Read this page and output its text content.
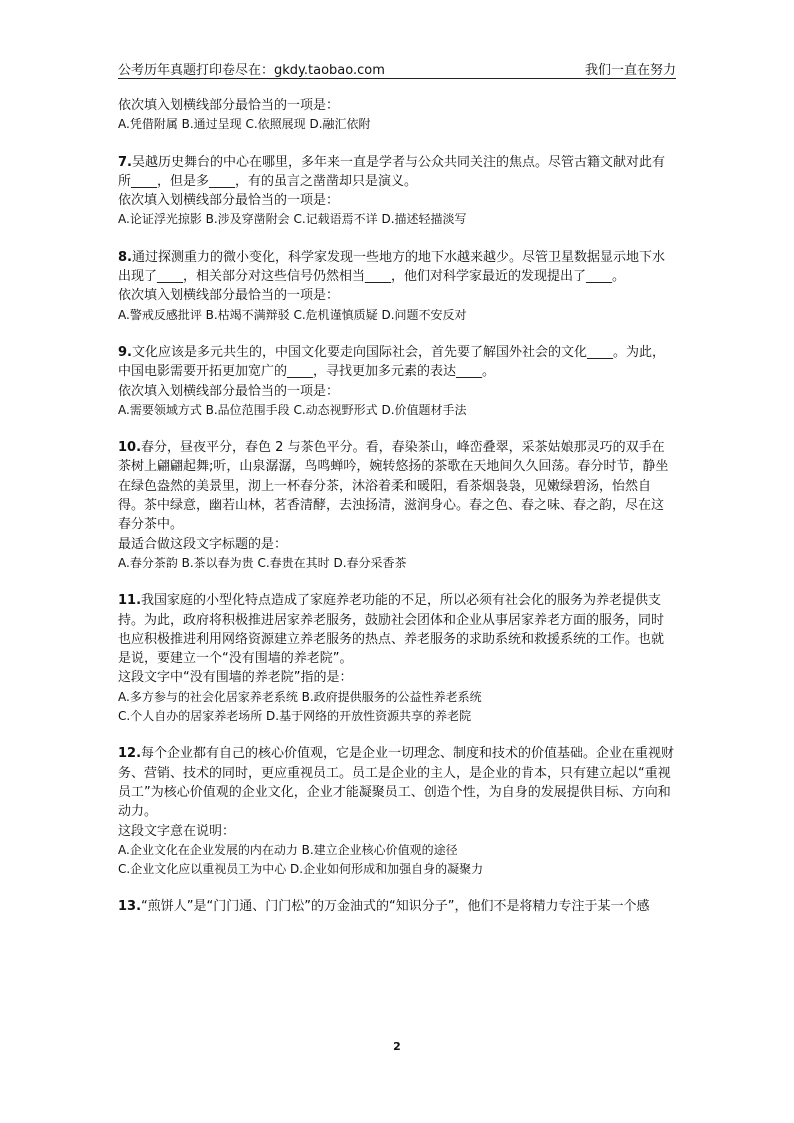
公考历年真题打印卷尽在：gkdy.taobao.com	我们一直在努力

依次填入划横线部分最恰当的一项是：

A.凭借附属 B.通过呈现 C.依照展现 D.融汇依附

7.吴越历史舞台的中心在哪里，多年来一直是学者与公众共同关注的焦点。尽管古籍文献对此有所____，但是多____，有的虽言之凿凿却只是演义。

依次填入划横线部分最恰当的一项是：

A.论证浮光掠影 B.涉及穿凿附会 C.记载语焉不详 D.描述轻描淡写

8.通过探测重力的微小变化，科学家发现一些地方的地下水越来越少。尽管卫星数据显示地下水出现了____，相关部分对这些信号仍然相当____，他们对科学家最近的发现提出了____。

依次填入划横线部分最恰当的一项是：

A.警戒反感批评 B.枯竭不满辩驳 C.危机谨慎质疑 D.问题不安反对

9.文化应该是多元共生的，中国文化要走向国际社会，首先要了解国外社会的文化____。为此，中国电影需要开拓更加宽广的____，寻找更加多元素的表达____。

依次填入划横线部分最恰当的一项是：

A.需要领域方式 B.品位范围手段 C.动态视野形式 D.价值题材手法

10.春分，昼夜平分，春色 2 与茶色平分。看，春染茶山，峰峦叠翠，采茶姑娘那灵巧的双手在茶树上翩翩起舞;听，山泉潺潺，鸟鸣蝉吟，婉转悠扬的茶歌在天地间久久回荡。春分时节，静坐在绿色盎然的美景里，沏上一杯春分茶，沐浴着柔和暖阳，看茶烟袅袅，见嫩绿碧汤，怡然自得。茶中绿意，幽若山林，茗香清酵，去浊扬清，滋润身心。春之色、春之味、春之韵，尽在这春分茶中。

最适合做这段文字标题的是：

A.春分茶韵 B.茶以春为贵 C.春贵在其时 D.春分采香茶

11.我国家庭的小型化特点造成了家庭养老功能的不足，所以必须有社会化的服务为养老提供支持。为此，政府将积极推进居家养老服务，鼓励社会团体和企业从事居家养老方面的服务，同时也应积极推进利用网络资源建立养老服务的热点、养老服务的求助系统和救援系统的工作。也就是说，要建立一个“没有围墙的养老院”。

这段文字中“没有围墙的养老院”指的是：

A.多方参与的社会化居家养老系统 B.政府提供服务的公益性养老系统

C.个人自办的居家养老场所 D.基于网络的开放性资源共享的养老院

12.每个企业都有自己的核心价值观，它是企业一切理念、制度和技术的价值基础。企业在重视财务、营销、技术的同时，更应重视员工。员工是企业的主人，是企业的肯本，只有建立起以“重视员工”为核心价值观的企业文化，企业才能凝聚员工、创造个性，为自身的发展提供目标、方向和动力。

这段文字意在说明：

A.企业文化在企业发展的内在动力 B.建立企业核心价值观的途径

C.企业文化应以重视员工为中心 D.企业如何形成和加强自身的凝聚力

13.“煎饼人”是“门门通、门门松”的万金油式的“知识分子”，他们不是将精力专注于某一个感

2
